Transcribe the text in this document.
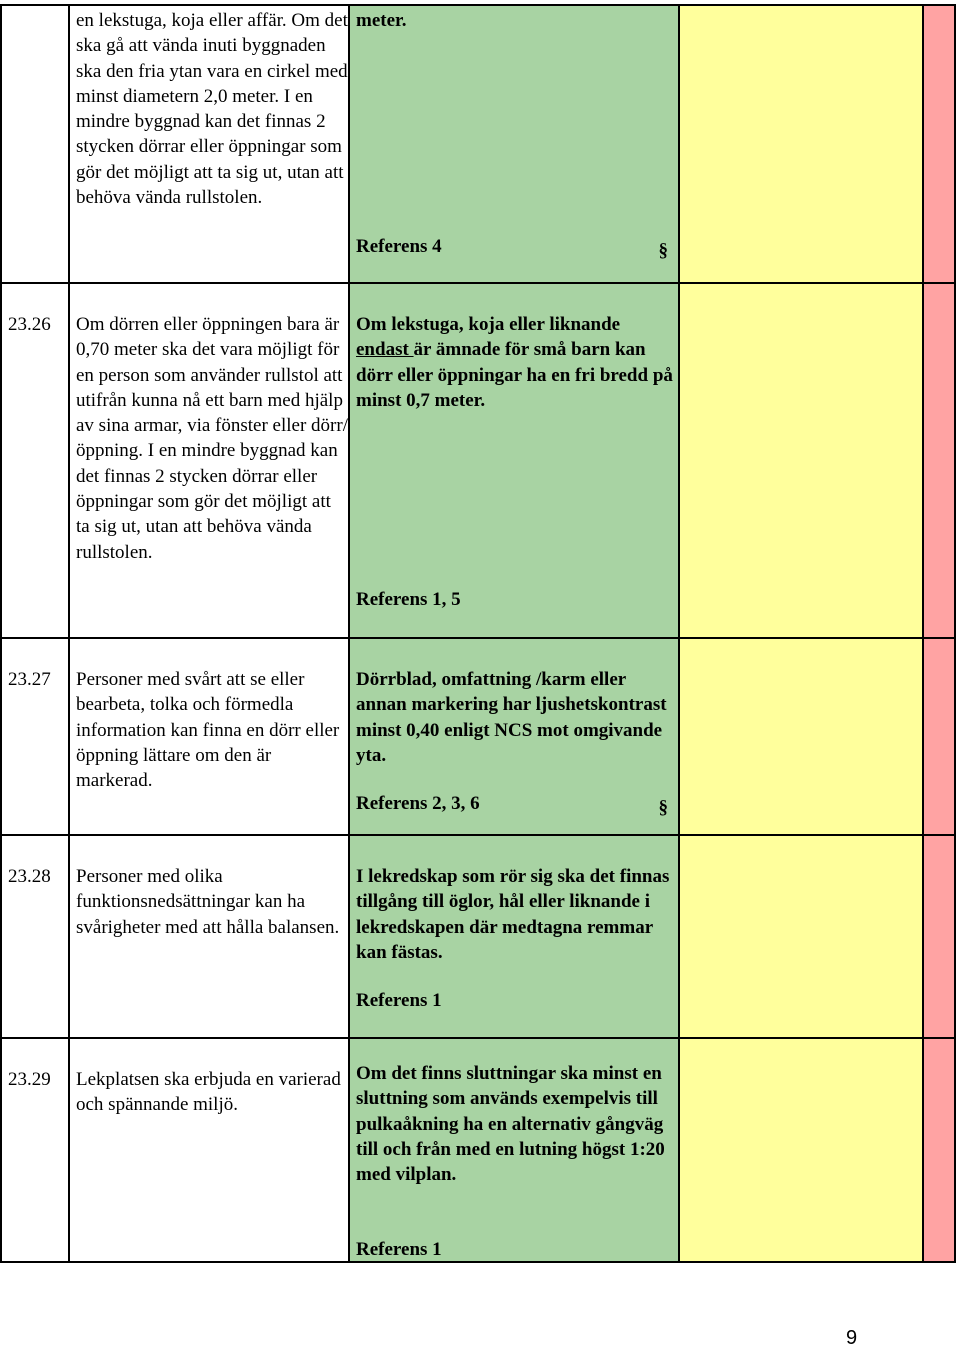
en lekstuga, koja eller affär. Om det ska gå att vända inuti byggnaden ska den fria ytan vara en cirkel med minst diametern 2,0 meter. I en mindre byggnad kan det finnas 2 stycken dörrar eller öppningar som gör det möjligt att ta sig ut, utan att behöva vända rullstolen.
meter.
Referens 4	§
23.26 Om dörren eller öppningen bara är 0,70 meter ska det vara möjligt för en person som använder rullstol att utifrån kunna nå ett barn med hjälp av sina armar, via fönster eller dörr/öppning. I en mindre byggnad kan det finnas 2 stycken dörrar eller öppningar som gör det möjligt att ta sig ut, utan att behöva vända rullstolen.
Om lekstuga, koja eller liknande endast är ämnade för små barn kan dörr eller öppningar ha en fri bredd på minst 0,7 meter.
Referens 1, 5
23.27 Personer med svårt att se eller bearbeta, tolka och förmedla information kan finna en dörr eller öppning lättare om den är markerad.
Dörrblad, omfattning /karm eller annan markering har ljushetskontrast minst 0,40 enligt NCS mot omgivande yta.
Referens 2, 3, 6	§
23.28 Personer med olika funktionsnedsättningar kan ha svårigheter med att hålla balansen.
I lekredskap som rör sig ska det finnas tillgång till öglor, hål eller liknande i lekredskapen där medtagna remmar kan fästas.
Referens 1
23.29 Lekplatsen ska erbjuda en varierad och spännande miljö.
Om det finns sluttningar ska minst en sluttning som används exempelvis till pulkaåkning ha en alternativ gångväg till och från med en lutning högst 1:20 med vilplan.
Referens 1
9
